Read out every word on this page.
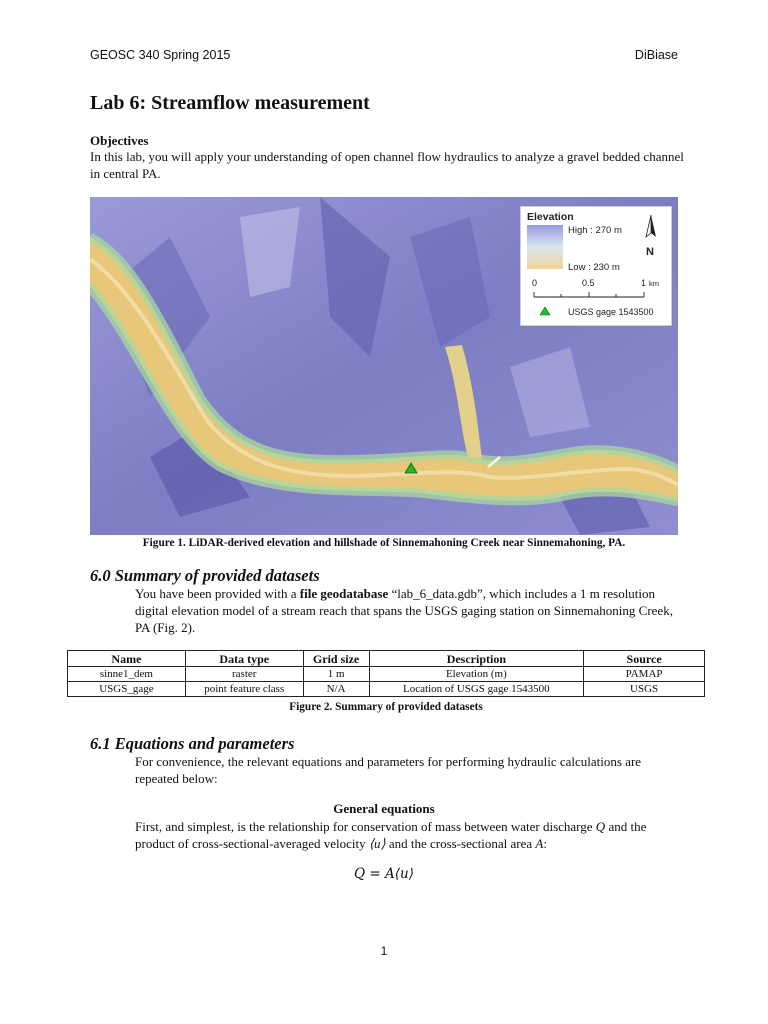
GEOSC 340 Spring 2015	DiBiase
Lab 6: Streamflow measurement
Objectives
In this lab, you will apply your understanding of open channel flow hydraulics to analyze a gravel bedded channel in central PA.
Elevation
High : 270 m
Low : 230 m
N
0	0.5	1 km
USGS gage 1543500
Figure 1. LiDAR-derived elevation and hillshade of Sinnemahoning Creek near Sinnemahoning, PA.
6.0 Summary of provided datasets
You have been provided with a file geodatabase “lab_6_data.gdb”, which includes a 1 m resolution digital elevation model of a stream reach that spans the USGS gaging station on Sinnemahoning Creek, PA (Fig. 2).
Name	Data type	Grid size	Description	Source
sinne1_dem	raster	1 m	Elevation (m)	PAMAP
USGS_gage	point feature class	N/A	Location of USGS gage 1543500	USGS
Figure 2. Summary of provided datasets
6.1 Equations and parameters
For convenience, the relevant equations and parameters for performing hydraulic calculations are repeated below:
General equations
First, and simplest, is the relationship for conservation of mass between water discharge Q and the product of cross-sectional-averaged velocity ⟨u⟩ and the cross-sectional area A:
Q = A⟨u⟩
1
